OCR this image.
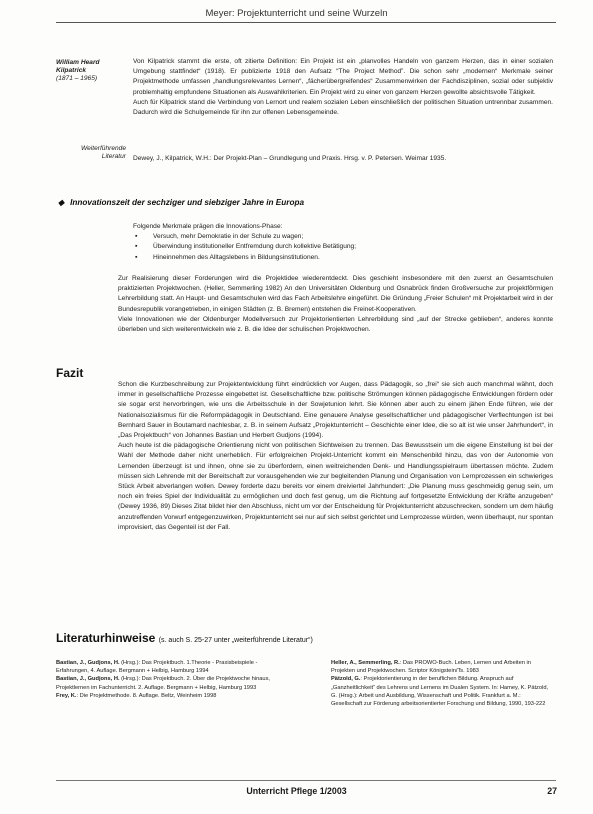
Meyer: Projektunterricht und seine Wurzeln
William Heard
Kilpatrick
(1871 – 1965)

Von Kilpatrick stammt die erste, oft zitierte Definition: Ein Projekt ist ein „planvolles Handeln von ganzem Herzen, das in einer sozialen Umgebung stattfindet“ (1918). Er publizierte 1918 den Aufsatz “The Project Method”. Die schon sehr „modernen“ Merkmale seiner Projektmethode umfassen „handlungsrelevantes Lernen“, „fächerübergreifendes“ Zusammenwirken der Fachdisziplinen, sozial oder subjektiv problemhaltig empfundene Situationen als Auswahlkriterien. Ein Projekt wird zu einer von ganzem Herzen gewollte absichtsvolle Tätigkeit.

Auch für Kilpatrick stand die Verbindung von Lernort und realem sozialen Leben einschließlich der politischen Situation untrennbar zusammen. Dadurch wird die Schulgemeinde für ihn zur offenen Lebensgemeinde.

Weiterführende
Literatur Dewey, J., Kilpatrick, W.H.: Der Projekt-Plan – Grundlegung und Praxis. Hrsg. v. P. Petersen. Weimar 1935.
◆ Innovationszeit der sechziger und siebziger Jahre in Europa

Folgende Merkmale prägen die Innovations-Phase:

▪ Versuch, mehr Demokratie in der Schule zu wagen;
▪ Überwindung institutioneller Entfremdung durch kollektive Betätigung;
▪ Hineinnehmen des Alltagslebens in Bildungsinstitutionen.

Zur Realisierung dieser Forderungen wird die Projektidee wiederentdeckt. Dies geschieht insbesondere mit den zuerst an Gesamtschulen praktizierten Projektwochen. (Heller, Semmerling 1982) An den Universitäten Oldenburg und Osnabrück finden Großversuche zur projektförmigen Lehrerbildung statt. An Haupt- und Gesamtschulen wird das Fach Arbeitslehre eingeführt. Die Gründung „Freier Schulen“ mit Projektarbeit wird in der Bundesrepublik vorangetrieben, in einigen Städten (z. B. Bremen) entstehen die Freinet-Kooperativen.

Viele Innovationen wie der Oldenburger Modellversuch zur Projektorientierten Lehrerbildung sind „auf der Strecke geblieben“, anderes konnte überleben und sich weiterentwickeln wie z. B. die Idee der schulischen Projektwochen.

Fazit

Schon die Kurzbeschreibung zur Projektentwicklung führt eindrücklich vor Augen, dass Pädagogik, so „frei“ sie sich auch manchmal wähnt, doch immer in gesellschaftliche Prozesse eingebettet ist. Gesellschaftliche bzw. politische Strömungen können pädagogische Entwicklungen fördern oder sie sogar erst hervorbringen, wie uns die Arbeitsschule in der Sowjetunion lehrt. Sie können aber auch zu einem jähen Ende führen, wie der Nationalsozialismus für die Reformpädagogik in Deutschland. Eine genauere Analyse gesellschaftlicher und pädagogischer Verflechtungen ist bei Bernhard Sauer in Boutamard nachlesbar, z. B. in seinem Aufsatz „Projektunterricht – Geschichte einer Idee, die so alt ist wie unser Jahrhundert“, in „Das Projektbuch“ von Johannes Bastian und Herbert Gudjons (1994).

Auch heute ist die pädagogische Orientierung nicht von politischen Sichtweisen zu trennen. Das Bewusstsein um die eigene Einstellung ist bei der Wahl der Methode daher nicht unerheblich. Für erfolgreichen Projekt-Unterricht kommt ein Menschenbild hinzu, das von der Autonomie von Lernenden überzeugt ist und ihnen, ohne sie zu überfordern, einen weitreichenden Denk- und Handlungsspielraum übertassen möchte. Zudem müssen sich Lehrende mit der Bereitschaft zur vorausgehenden wie zur begleitenden Planung und Organisation von Lernprozessen ein schwieriges Stück Arbeit abverlangen wollen. Dewey forderte dazu bereits vor einem dreiviertel Jahrhundert: „Die Planung muss geschmeidig genug sein, um noch ein freies Spiel der Individualität zu ermöglichen und doch fest genug, um die Richtung auf fortgesetzte Entwicklung der Kräfte anzugeben“ (Dewey 1936, 89) Dieses Zitat bildet hier den Abschluss, nicht um vor der Entscheidung für Projektunterricht abzuschrecken, sondern um dem häufig anzutreffenden Vorwurf entgegenzuwirken, Projektunterricht sei nur auf sich selbst gerichtet und Lernprozesse würden, wenn überhaupt, nur spontan improvisiert, das Gegenteil ist der Fall.

Literaturhinweise (s. auch S. 25-27 unter „weiterführende Literatur“)

Bastian, J., Gudjons, H. (Hrsg.): Das Projektbuch. 1.Theorie - Praxisbeispiele - Erfahrungen, 4. Auflage. Bergmann + Helbig, Hamburg 1994

Bastian, J., Gudjons, H. (Hrsg.): Das Projektbuch. 2. Über die Projektwoche hinaus, Projektlernen im Fachunterricht. 2. Auflage. Bergmann + Helbig, Hamburg 1993

Frey, K.: Die Projektmethode. 8. Auflage. Beltz, Weinheim 1998

Heller, A., Semmerling, R.: Das PROWO-Buch. Leben, Lernen und Arbeiten in Projekten und Projektwochen. Scriptor Königstein/Ts. 1983

Pätzold, G.: Projektorientierung in der beruflichen Bildung. Anspruch auf „Ganzheitlichkeit“ des Lehrens und Lernens im Dualen System. In: Hamey, K. Pätzold, G. (Hrsg.): Arbeit und Ausbildung, Wissenschaft und Politik. Frankfurt a. M.: Gesellschaft zur Förderung arbeitsorientierter Forschung und Bildung, 1990, 193-222

Unterricht Pflege 1/2003	27
